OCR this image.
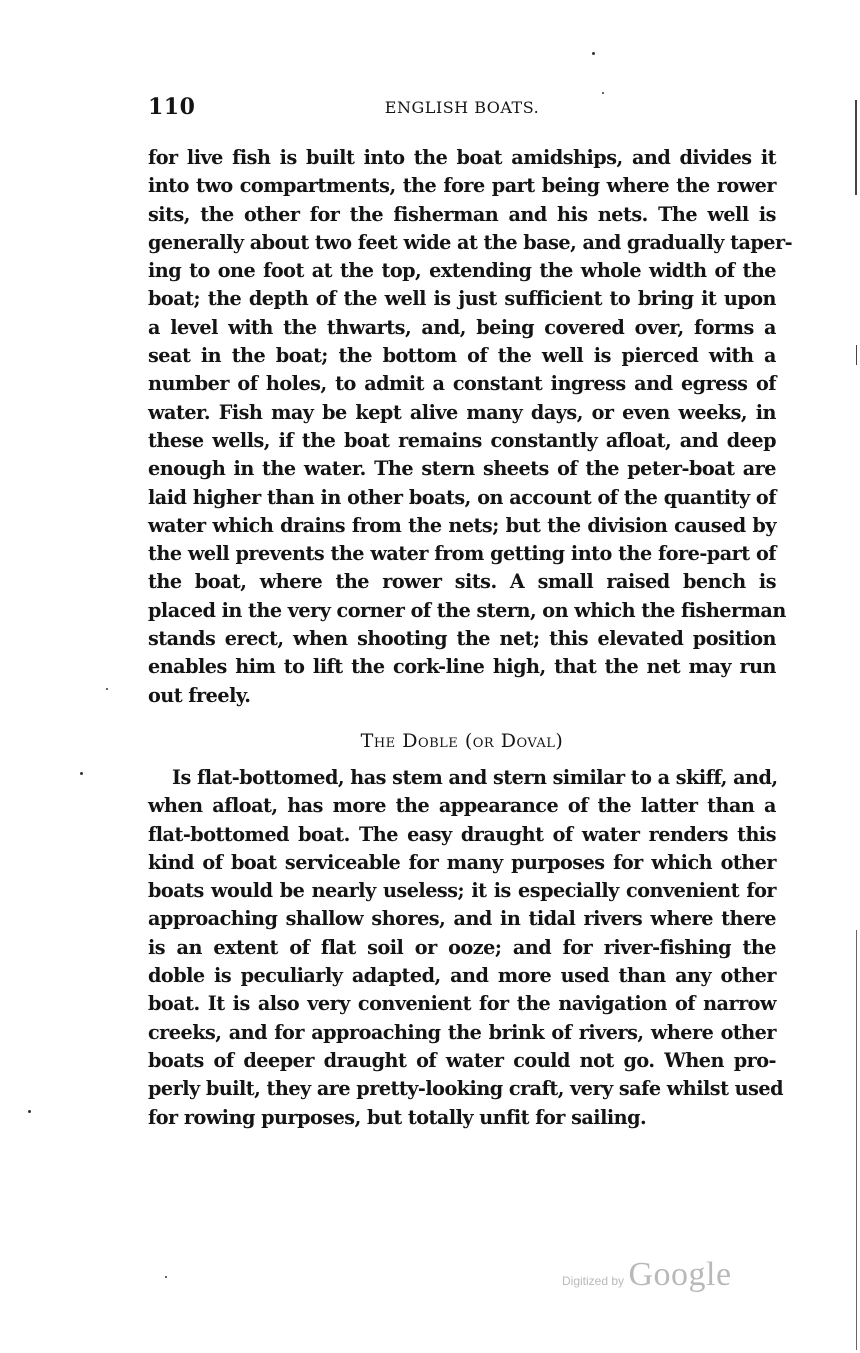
110	ENGLISH BOATS.
for live fish is built into the boat amidships, and divides it
into two compartments, the fore part being where the rower
sits, the other for the fisherman and his nets. The well is
generally about two feet wide at the base, and gradually taper-
ing to one foot at the top, extending the whole width of the
boat; the depth of the well is just sufficient to bring it upon
a level with the thwarts, and, being covered over, forms a
seat in the boat; the bottom of the well is pierced with a
number of holes, to admit a constant ingress and egress of
water. Fish may be kept alive many days, or even weeks, in
these wells, if the boat remains constantly afloat, and deep
enough in the water. The stern sheets of the peter-boat are
laid higher than in other boats, on account of the quantity of
water which drains from the nets; but the division caused by
the well prevents the water from getting into the fore-part of
the boat, where the rower sits. A small raised bench is
placed in the very corner of the stern, on which the fisherman
stands erect, when shooting the net; this elevated position
enables him to lift the cork-line high, that the net may run
out freely.
The Doble (or Doval)
Is flat-bottomed, has stem and stern similar to a skiff, and,
when afloat, has more the appearance of the latter than a
flat-bottomed boat. The easy draught of water renders this
kind of boat serviceable for many purposes for which other
boats would be nearly useless; it is especially convenient for
approaching shallow shores, and in tidal rivers where there
is an extent of flat soil or ooze; and for river-fishing the
doble is peculiarly adapted, and more used than any other
boat. It is also very convenient for the navigation of narrow
creeks, and for approaching the brink of rivers, where other
boats of deeper draught of water could not go. When pro-
perly built, they are pretty-looking craft, very safe whilst used
for rowing purposes, but totally unfit for sailing.
Digitized by Google
